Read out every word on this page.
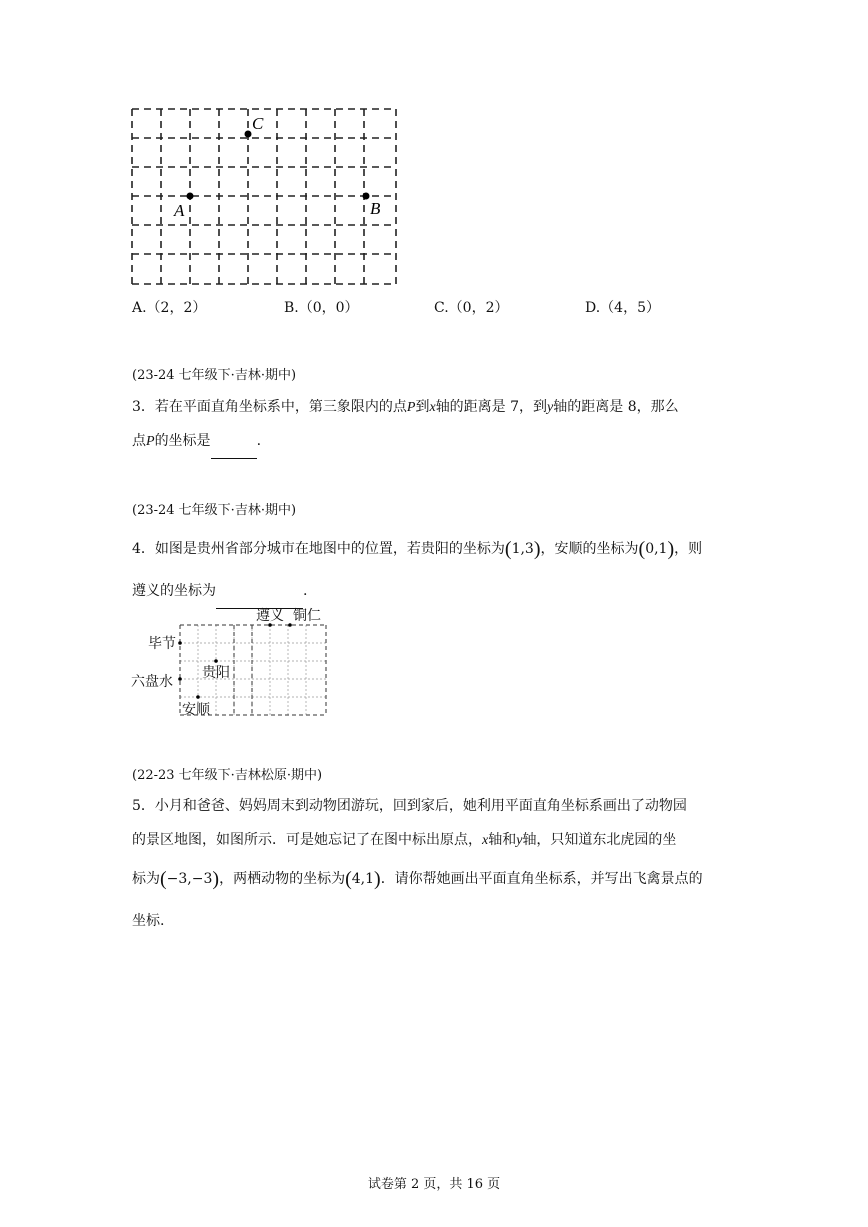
A	B
C
A.（2，2）	B.（0，0）	C.（0，2）	D.（4，5）
(23-24 七年级下·吉林·期中)
3．若在平面直角坐标系中，第三象限内的点P到x轴的距离是 7，到y轴的距离是 8，那么
点P的坐标是	.
(23-24 七年级下·吉林·期中)
4．如图是贵州省部分城市在地图中的位置，若贵阳的坐标为(1,3)，安顺的坐标为(0,1)，则
遵义的坐标为	.
遵义 铜仁
毕节
贵阳
六盘水
安顺
(22-23 七年级下·吉林松原·期中)
5．小月和爸爸、妈妈周末到动物团游玩，回到家后，她利用平面直角坐标系画出了动物园
的景区地图，如图所示．可是她忘记了在图中标出原点，x轴和y轴，只知道东北虎园的坐
标为(−3,−3)，两栖动物的坐标为(4,1)．请你帮她画出平面直角坐标系，并写出飞禽景点的
坐标.
试卷第 2 页，共 16 页
